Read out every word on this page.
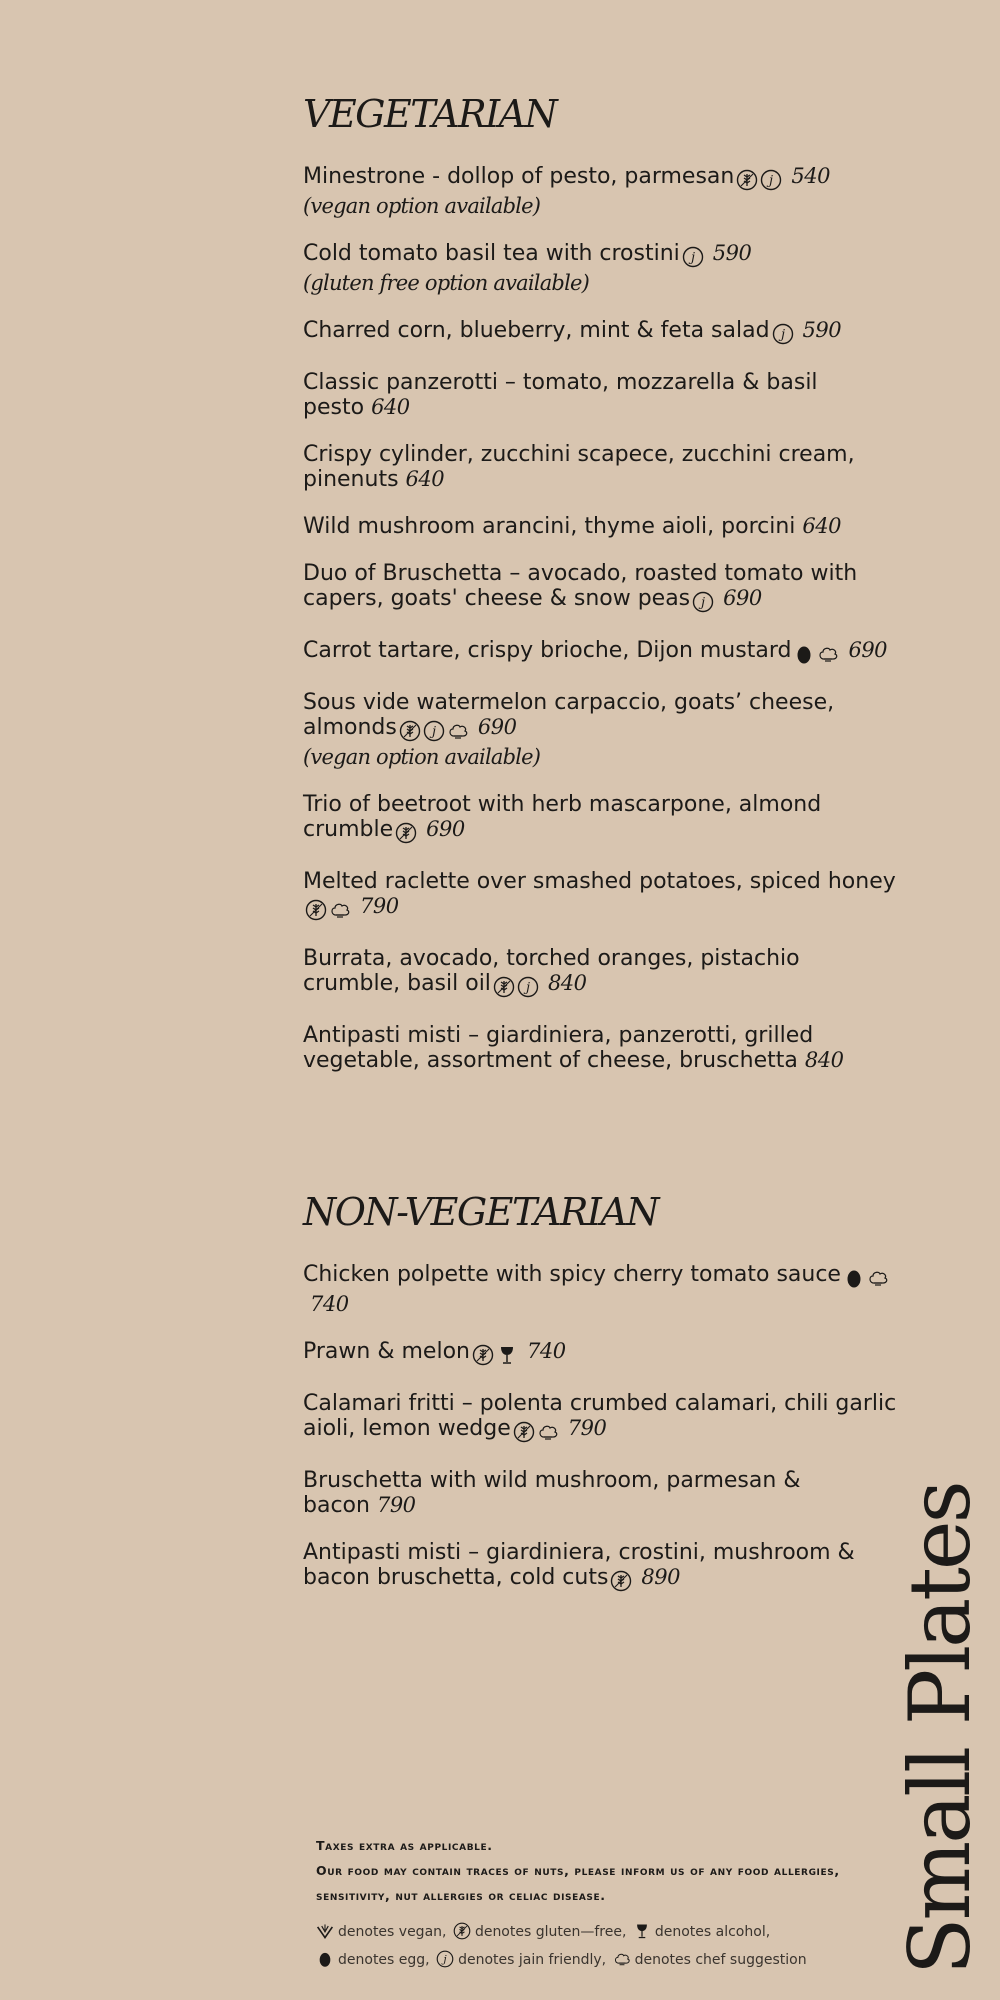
VEGETARIAN
Minestrone - dollop of pesto, parmesan	j 540
(vegan option available)
Cold tomato basil tea with crostini j 590
(gluten free option available)
Charred corn, blueberry, mint & feta salad j 590
Classic panzerotti – tomato, mozzarella & basil pesto 640
Crispy cylinder, zucchini scapece, zucchini cream, pinenuts 640
Wild mushroom arancini, thyme aioli, porcini 640
Duo of Bruschetta – avocado, roasted tomato with capers, goats' cheese & snow peas j 690
Carrot tartare, crispy brioche, Dijon mustard	690
Sous vide watermelon carpaccio, goats’ cheese, almonds	j 690
(vegan option available)
Trio of beetroot with herb mascarpone, almond crumble 690
Melted raclette over smashed potatoes, spiced honey
790
Burrata, avocado, torched oranges, pistachio crumble, basil oil	j 840
Antipasti misti – giardiniera, panzerotti, grilled vegetable, assortment of cheese, bruschetta 840
NON-VEGETARIAN
Chicken polpette with spicy cherry tomato sauce
740
Prawn & melon	740
Calamari fritti – polenta crumbed calamari, chili garlic aioli, lemon wedge	790
Bruschetta with wild mushroom, parmesan & bacon 790
Antipasti misti – giardiniera, crostini, mushroom & bacon bruschetta, cold cuts 890	Small Plates

Taxes extra as applicable.

Our food may contain traces of nuts, please inform us of any food allergies, sensitivity, nut allergies or celiac disease.

denotes vegan, denotes gluten—free, denotes alcohol,

denotes egg, j denotes jain friendly, denotes chef suggestion
